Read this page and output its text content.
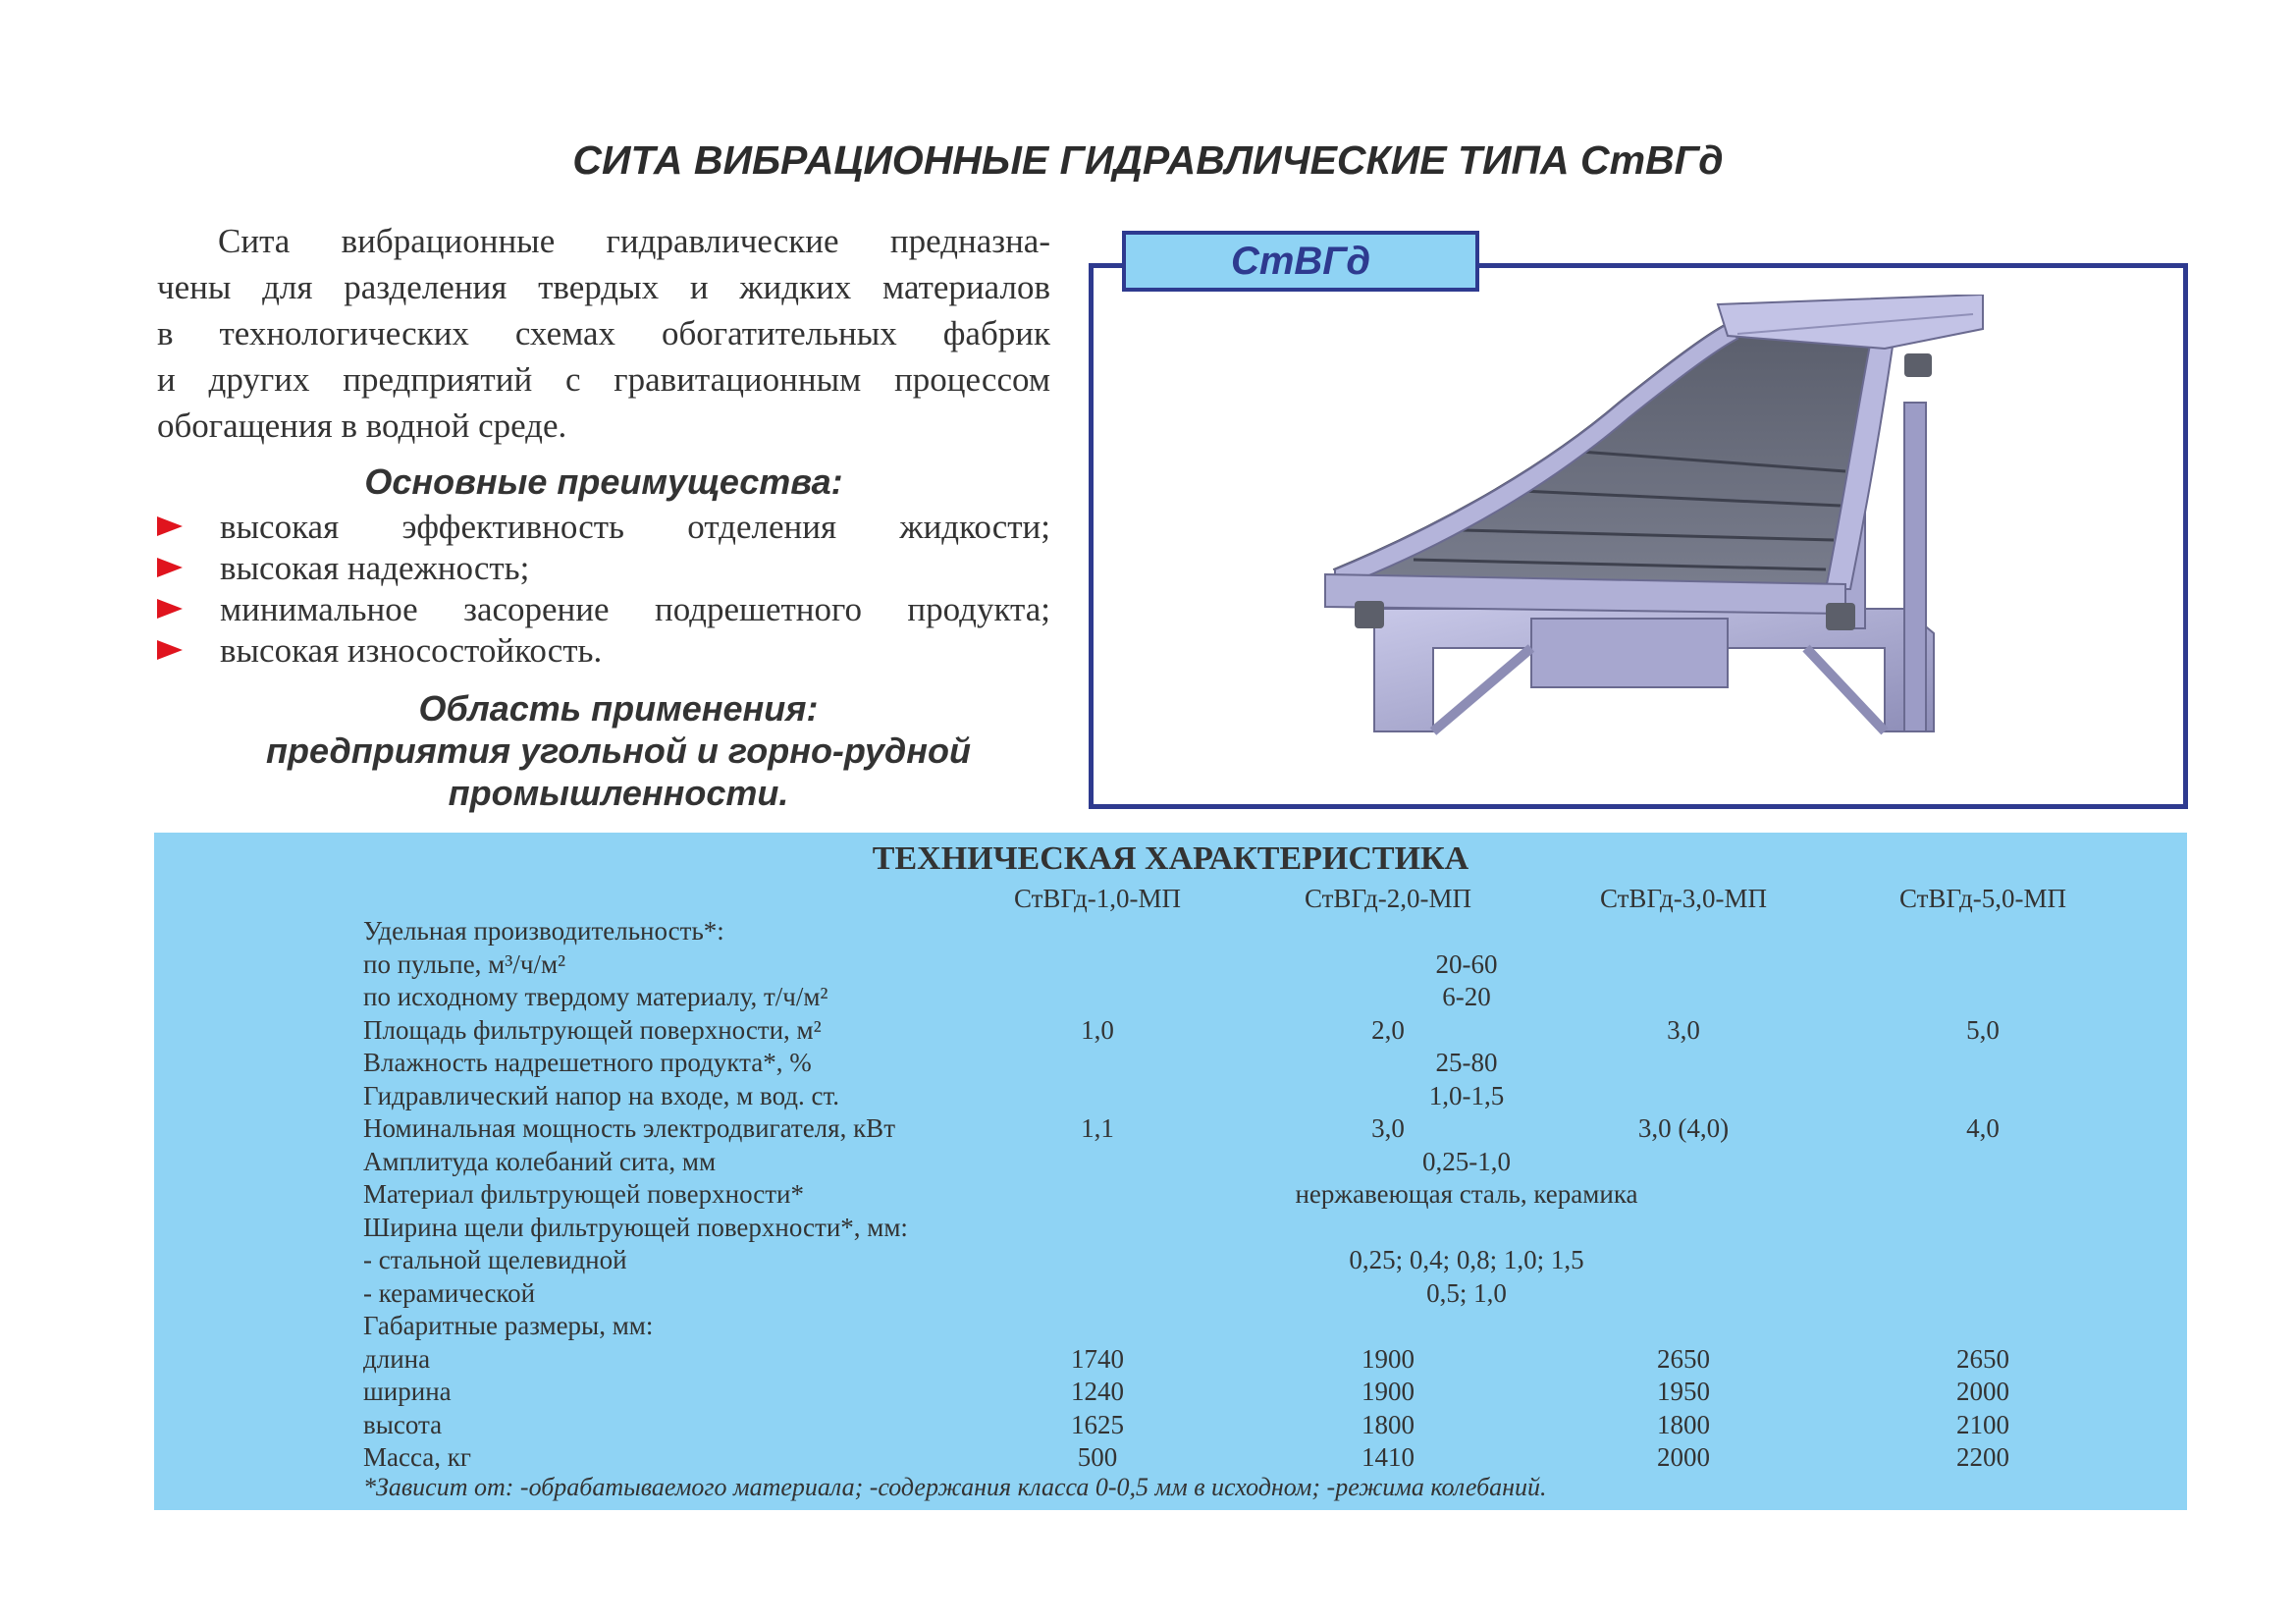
СИТА ВИБРАЦИОННЫЕ ГИДРАВЛИЧЕСКИЕ ТИПА СтВГд
Сита вибрационные гидравлические предназна-
чены для разделения твердых и жидких материалов
в технологических схемах обогатительных фабрик
и других предприятий с гравитационным процессом
обогащения в водной среде.
Основные преимущества:
высокая эффективность отделения жидкости;
высокая надежность;
минимальное засорение подрешетного продукта;
высокая износостойкость.
Область применения:
предприятия угольной и горно-рудной
промышленности.
СтВГд
ТЕХНИЧЕСКАЯ ХАРАКТЕРИСТИКА
СтВГд-1,0-МП	СтВГд-2,0-МП	СтВГд-3,0-МП	СтВГд-5,0-МП
Удельная производительность*:
по пульпе, м³/ч/м²	20-60
по исходному твердому материалу, т/ч/м²	6-20
Площадь фильтрующей поверхности, м²	1,0	2,0	3,0	5,0
Влажность надрешетного продукта*, %	25-80
Гидравлический напор на входе, м вод. ст.	1,0-1,5
Номинальная мощность электродвигателя, кВт	1,1	3,0	3,0 (4,0)	4,0
Амплитуда колебаний сита, мм	0,25-1,0
Материал фильтрующей поверхности*	нержавеющая сталь, керамика
Ширина щели фильтрующей поверхности*, мм:
- стальной щелевидной	0,25; 0,4; 0,8; 1,0; 1,5
- керамической	0,5; 1,0
Габаритные размеры, мм:
длина	1740	1900	2650	2650
ширина	1240	1900	1950	2000
высота	1625	1800	1800	2100
Масса, кг	500	1410	2000	2200
*Зависит от: -обрабатываемого материала; -содержания класса 0-0,5 мм в исходном; -режима колебаний.
